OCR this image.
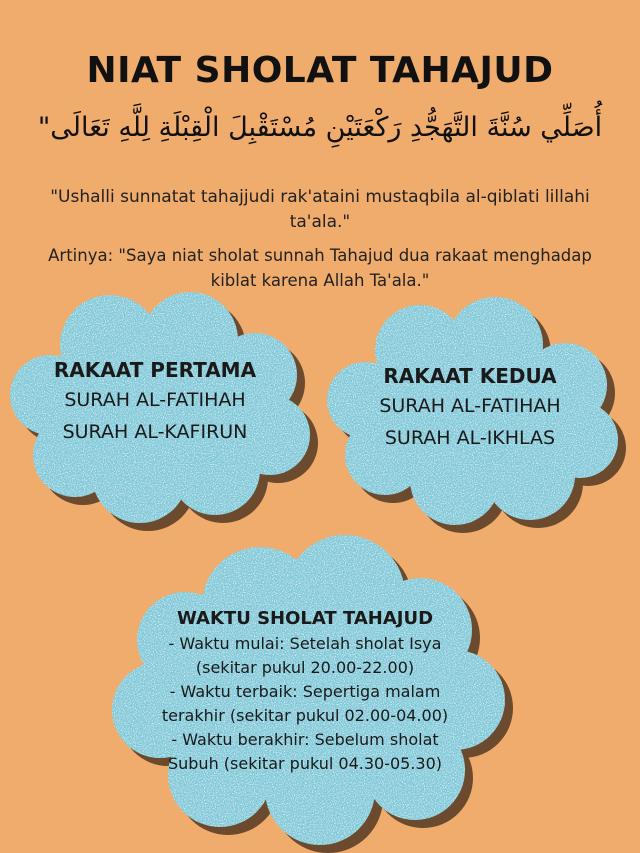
NIAT SHOLAT TAHAJUD
أُصَلِّي سُنَّةَ التَّهَجُّدِ رَكْعَتَيْنِ مُسْتَقْبِلَ الْقِبْلَةِ لِلَّهِ تَعَالَى"
"Ushalli sunnatat tahajjudi rak'ataini mustaqbila al-qiblati lillahi ta'ala."
Artinya: "Saya niat sholat sunnah Tahajud dua rakaat menghadap kiblat karena Allah Ta'ala."
RAKAAT PERTAMA
SURAH AL-FATIHAH
SURAH AL-KAFIRUN
RAKAAT KEDUA
SURAH AL-FATIHAH
SURAH AL-IKHLAS
WAKTU SHOLAT TAHAJUD
- Waktu mulai: Setelah sholat Isya
(sekitar pukul 20.00-22.00)
- Waktu terbaik: Sepertiga malam
terakhir (sekitar pukul 02.00-04.00)
- Waktu berakhir: Sebelum sholat
Subuh (sekitar pukul 04.30-05.30)
